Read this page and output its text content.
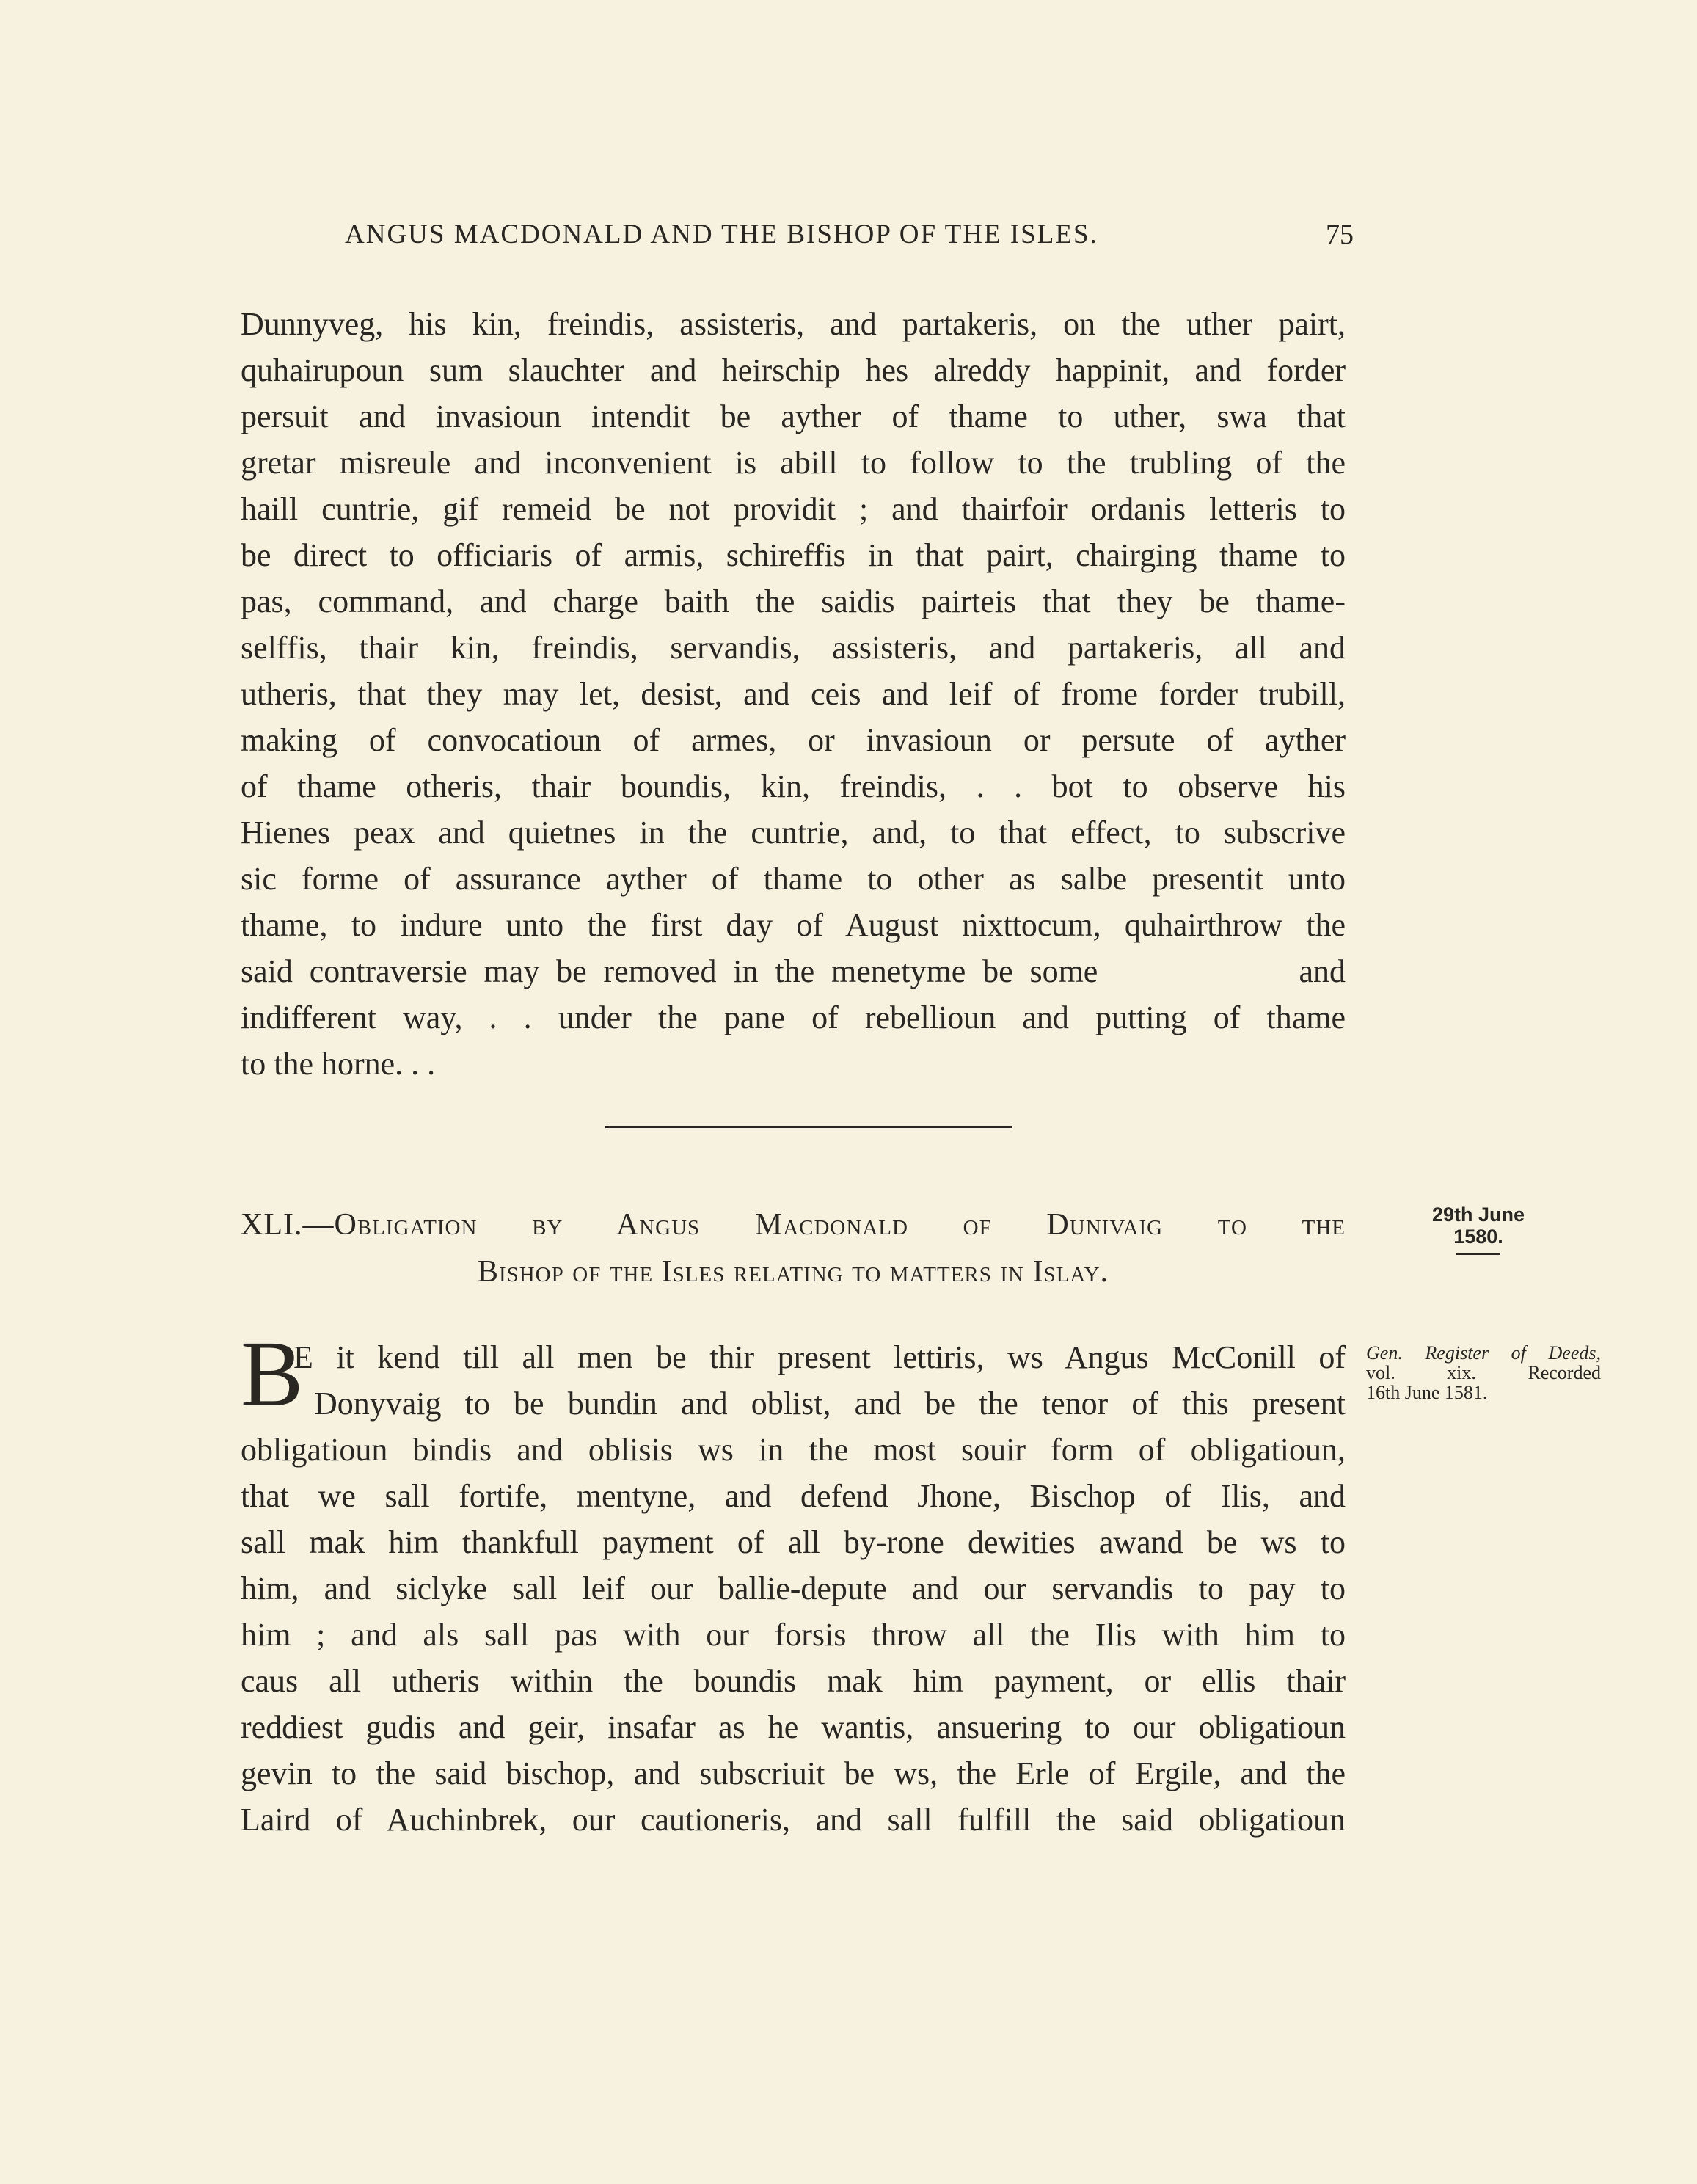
ANGUS MACDONALD AND THE BISHOP OF THE ISLES.	75
Dunnyveg, his kin, freindis, assisteris, and partakeris, on the uther pairt,
quhairupoun sum slauchter and heirschip hes alreddy happinit, and forder
persuit and invasioun intendit be ayther of thame to uther, swa that
gretar misreule and inconvenient is abill to follow to the trubling of the
haill cuntrie, gif remeid be not providit ; and thairfoir ordanis letteris to
be direct to officiaris of armis, schireffis in that pairt, chairging thame to
pas, command, and charge baith the saidis pairteis that they be thame-
selffis, thair kin, freindis, servandis, assisteris, and partakeris, all and
utheris, that they may let, desist, and ceis and leif of frome forder trubill,
making of convocatioun of armes, or invasioun or persute of ayther
of thame otheris, thair boundis, kin, freindis, . . bot to observe his
Hienes peax and quietnes in the cuntrie, and, to that effect, to subscrive
sic forme of assurance ayther of thame to other as salbe presentit unto
thame, to indure unto the first day of August nixttocum, quhairthrow the
said contraversie may be removed in the menetyme be some            and
indifferent way, . . under the pane of rebellioun and putting of thame
to the horne. . .
XLI.—Obligation by Angus Macdonald of Dunivaig to the
Bishop of the Isles relating to matters in Islay.
29th June
1580.
B
E it kend till all men be thir present lettiris, ws Angus McConill of
Donyvaig to be bundin and oblist, and be the tenor of this present
obligatioun bindis and oblisis ws in the most souir form of obligatioun,
that we sall fortife, mentyne, and defend Jhone, Bischop of Ilis, and
sall mak him thankfull payment of all by-rone dewities awand be ws to
him, and siclyke sall leif our ballie-depute and our servandis to pay to
him ; and als sall pas with our forsis throw all the Ilis with him to
caus all utheris within the boundis mak him payment, or ellis thair
reddiest gudis and geir, insafar as he wantis, ansuering to our obligatioun
gevin to the said bischop, and subscriuit be ws, the Erle of Ergile, and the
Laird of Auchinbrek, our cautioneris, and sall fulfill the said obligatioun
Gen. Register of Deeds,
vol. xix. Recorded
16th June 1581.
